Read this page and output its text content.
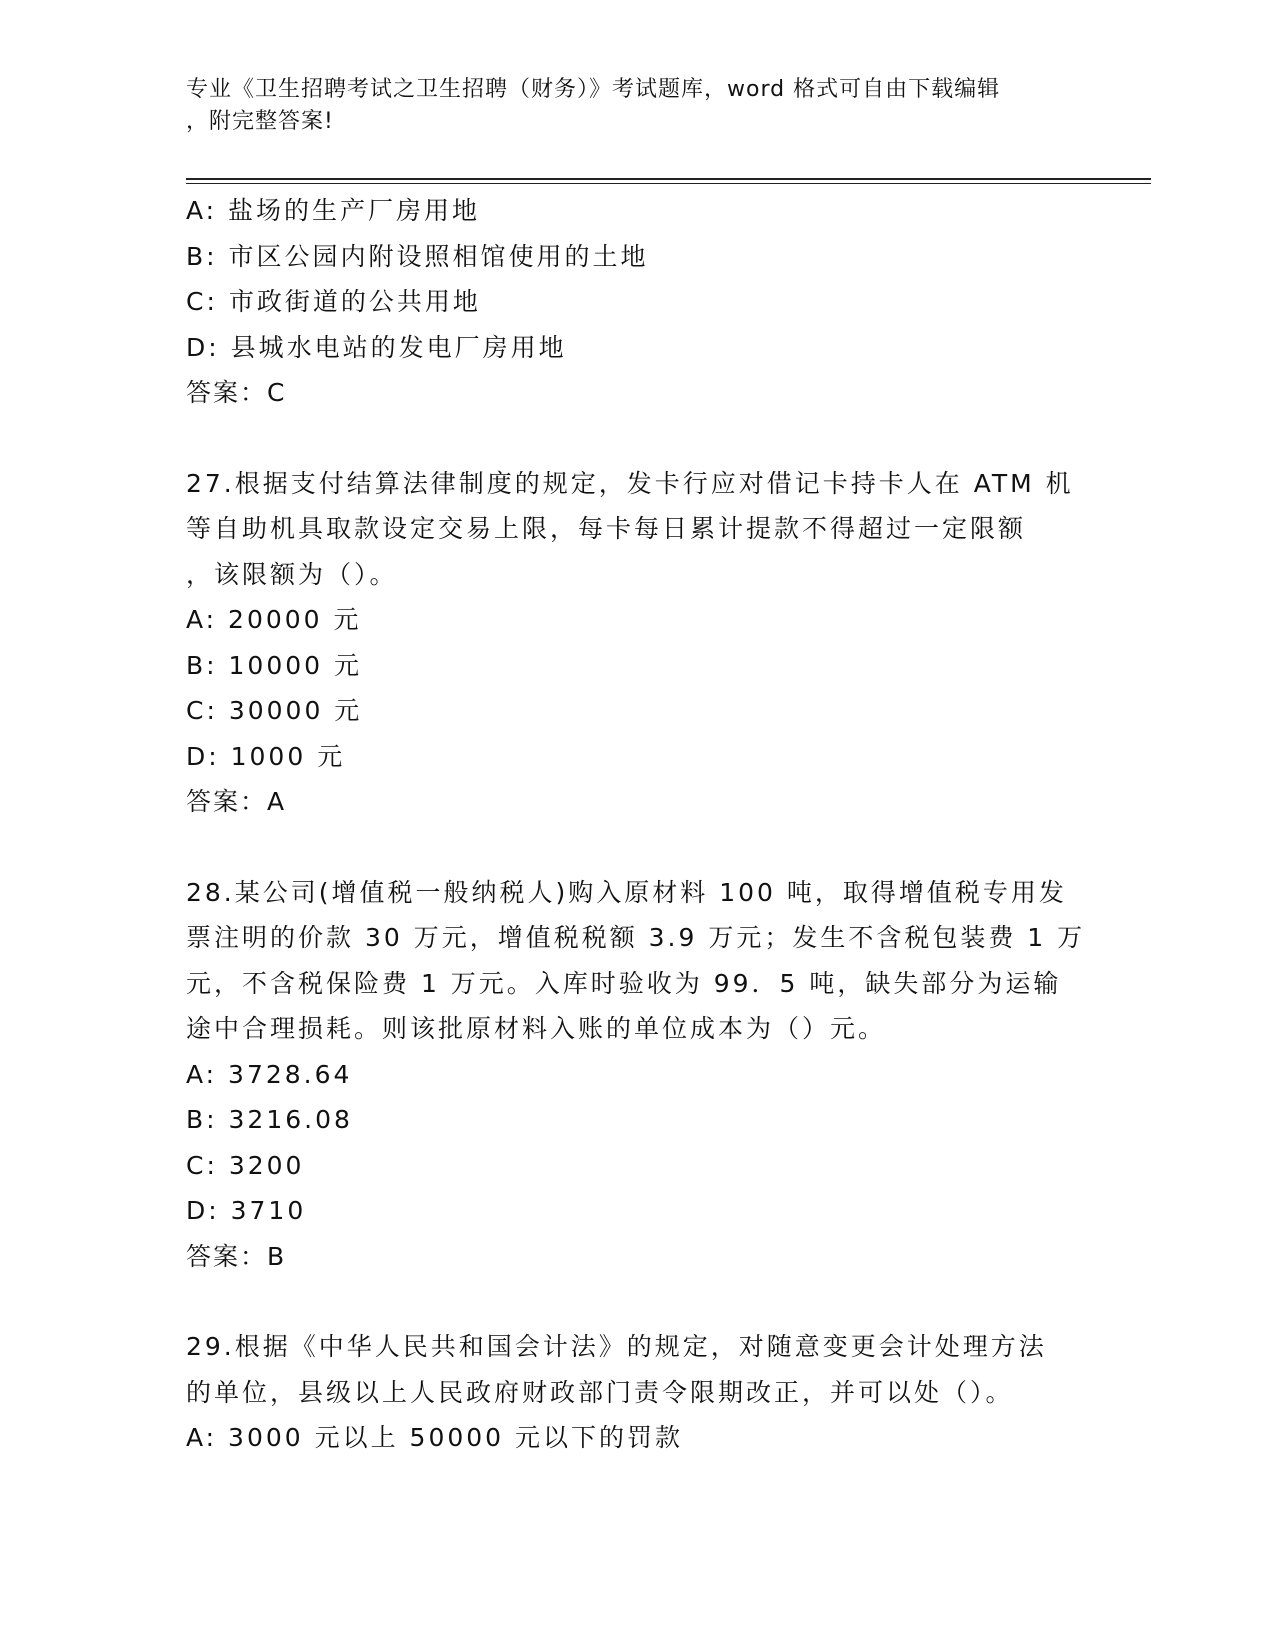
专业《卫生招聘考试之卫生招聘（财务）》考试题库，word 格式可自由下载编辑
，附完整答案!
A: 盐场的生产厂房用地
B: 市区公园内附设照相馆使用的土地
C: 市政街道的公共用地
D: 县城水电站的发电厂房用地
答案：C
27.根据支付结算法律制度的规定，发卡行应对借记卡持卡人在 ATM 机
等自助机具取款设定交易上限，每卡每日累计提款不得超过一定限额
，该限额为（）。
A: 20000 元
B: 10000 元
C: 30000 元
D: 1000 元
答案：A
28.某公司(增值税一般纳税人)购入原材料 100 吨，取得增值税专用发
票注明的价款 30 万元，增值税税额 3.9 万元；发生不含税包装费 1 万
元，不含税保险费 1 万元。入库时验收为 99．5 吨，缺失部分为运输
途中合理损耗。则该批原材料入账的单位成本为（）元。
A: 3728.64
B: 3216.08
C: 3200
D: 3710
答案：B
29.根据《中华人民共和国会计法》的规定，对随意变更会计处理方法
的单位，县级以上人民政府财政部门责令限期改正，并可以处（）。
A: 3000 元以上 50000 元以下的罚款
